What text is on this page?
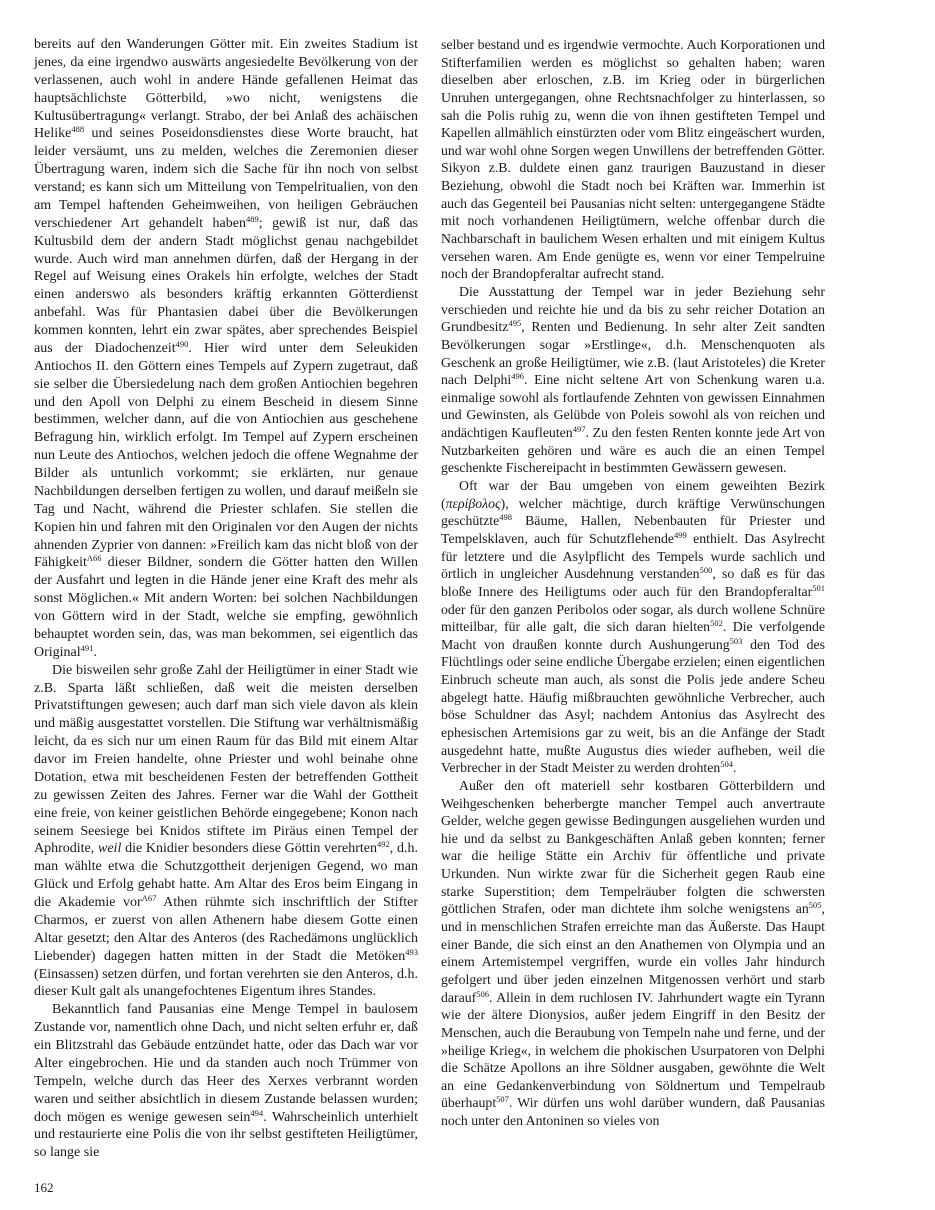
bereits auf den Wanderungen Götter mit. Ein zweites Stadium ist jenes, da eine irgendwo auswärts angesiedelte Bevölkerung von der verlassenen, auch wohl in andere Hände gefallenen Heimat das hauptsächlichste Götterbild, »wo nicht, wenigstens die Kultusübertragung« verlangt. Strabo, der bei Anlaß des achäischen Helike$^{488}$ und seines Poseidonsdienstes diese Worte braucht, hat leider versäumt, uns zu melden, welches die Zeremonien dieser Übertragung waren, indem sich die Sache für ihn noch von selbst verstand; es kann sich um Mitteilung von Tempelritualien, von den am Tempel haftenden Geheimweihen, von heiligen Gebräuchen verschiedener Art gehandelt haben$^{489}$; gewiß ist nur, daß das Kultusbild dem der andern Stadt möglichst genau nachgebildet wurde. Auch wird man annehmen dürfen, daß der Hergang in der Regel auf Weisung eines Orakels hin erfolgte, welches der Stadt einen anderswo als besonders kräftig erkannten Götterdienst anbefahl. Was für Phantasien dabei über die Bevölkerungen kommen konnten, lehrt ein zwar spätes, aber sprechendes Beispiel aus der Diadochenzeit$^{490}$. Hier wird unter dem Seleukiden Antiochos II. den Göttern eines Tempels auf Zypern zugetraut, daß sie selber die Übersiedelung nach dem großen Antiochien begehren und den Apoll von Delphi zu einem Bescheid in diesem Sinne bestimmen, welcher dann, auf die von Antiochien aus geschehene Befragung hin, wirklich erfolgt. Im Tempel auf Zypern erscheinen nun Leute des Antiochos, welchen jedoch die offene Wegnahme der Bilder als untunlich vorkommt; sie erklärten, nur genaue Nachbildungen derselben fertigen zu wollen, und darauf meißeln sie Tag und Nacht, während die Priester schlafen. Sie stellen die Kopien hin und fahren mit den Originalen vor den Augen der nichts ahnenden Zyprier von dannen: »Freilich kam das nicht bloß von der Fähigkeit$^{A66}$ dieser Bildner, sondern die Götter hatten den Willen der Ausfahrt und legten in die Hände jener eine Kraft des mehr als sonst Möglichen.« Mit andern Worten: bei solchen Nachbildungen von Göttern wird in der Stadt, welche sie empfing, gewöhnlich behauptet worden sein, das, was man bekommen, sei eigentlich das Original$^{491}$.

Die bisweilen sehr große Zahl der Heiligtümer in einer Stadt wie z.B. Sparta läßt schließen, daß weit die meisten derselben Privatstiftungen gewesen; auch darf man sich viele davon als klein und mäßig ausgestattet vorstellen. Die Stiftung war verhältnismäßig leicht, da es sich nur um einen Raum für das Bild mit einem Altar davor im Freien handelte, ohne Priester und wohl beinahe ohne Dotation, etwa mit bescheidenen Festen der betreffenden Gottheit zu gewissen Zeiten des Jahres. Ferner war die Wahl der Gottheit eine freie, von keiner geistlichen Behörde eingegebene; Konon nach seinem Seesiege bei Knidos stiftete im Piräus einen Tempel der Aphrodite, weil die Knidier besonders diese Göttin verehrten$^{492}$, d.h. man wählte etwa die Schutzgottheit derjenigen Gegend, wo man Glück und Erfolg gehabt hatte. Am Altar des Eros beim Eingang in die Akademie vor$^{A67}$ Athen rühmte sich inschriftlich der Stifter Charmos, er zuerst von allen Athenern habe diesem Gotte einen Altar gesetzt; den Altar des Anteros (des Rachedämons unglücklich Liebender) dagegen hatten mitten in der Stadt die Metöken$^{493}$ (Einsassen) setzen dürfen, und fortan verehrten sie den Anteros, d.h. dieser Kult galt als unangefochtenes Eigentum ihres Standes.

Bekanntlich fand Pausanias eine Menge Tempel in baulosem Zustande vor, namentlich ohne Dach, und nicht selten erfuhr er, daß ein Blitzstrahl das Gebäude entzündet hatte, oder das Dach war vor Alter eingebrochen. Hie und da standen auch noch Trümmer von Tempeln, welche durch das Heer des Xerxes verbrannt worden waren und seither absichtlich in diesem Zustande belassen wurden; doch mögen es wenige gewesen sein$^{494}$. Wahrscheinlich unterhielt und restaurierte eine Polis die von ihr selbst gestifteten Heiligtümer, so lange sie

selber bestand und es irgendwie vermochte. Auch Korporationen und Stifterfamilien werden es möglichst so gehalten haben; waren dieselben aber erloschen, z.B. im Krieg oder in bürgerlichen Unruhen untergegangen, ohne Rechtsnachfolger zu hinterlassen, so sah die Polis ruhig zu, wenn die von ihnen gestifteten Tempel und Kapellen allmählich einstürzten oder vom Blitz eingeäschert wurden, und war wohl ohne Sorgen wegen Unwillens der betreffenden Götter. Sikyon z.B. duldete einen ganz traurigen Bauzustand in dieser Beziehung, obwohl die Stadt noch bei Kräften war. Immerhin ist auch das Gegenteil bei Pausanias nicht selten: untergegangene Städte mit noch vorhandenen Heiligtümern, welche offenbar durch die Nachbarschaft in baulichem Wesen erhalten und mit einigem Kultus versehen waren. Am Ende genügte es, wenn vor einer Tempelruine noch der Brandopferaltar aufrecht stand.

Die Ausstattung der Tempel war in jeder Beziehung sehr verschieden und reichte hie und da bis zu sehr reicher Dotation an Grundbesitz$^{495}$, Renten und Bedienung. In sehr alter Zeit sandten Bevölkerungen sogar »Erstlinge«, d.h. Menschenquoten als Geschenk an große Heiligtümer, wie z.B. (laut Aristoteles) die Kreter nach Delphi$^{496}$. Eine nicht seltene Art von Schenkung waren u.a. einmalige sowohl als fortlaufende Zehnten von gewissen Einnahmen und Gewinsten, als Gelübde von Poleis sowohl als von reichen und andächtigen Kaufleuten$^{497}$. Zu den festen Renten konnte jede Art von Nutzbarkeiten gehören und wäre es auch die an einen Tempel geschenkte Fischereipacht in bestimmten Gewässern gewesen.

Oft war der Bau umgeben von einem geweihten Bezirk (περίβολος), welcher mächtige, durch kräftige Verwünschungen geschützte$^{498}$ Bäume, Hallen, Nebenbauten für Priester und Tempelsklaven, auch für Schutzflehende$^{499}$ enthielt. Das Asylrecht für letztere und die Asylpflicht des Tempels wurde sachlich und örtlich in ungleicher Ausdehnung verstanden$^{500}$, so daß es für das bloße Innere des Heiligtums oder auch für den Brandopferaltar$^{501}$ oder für den ganzen Peribolos oder sogar, als durch wollene Schnüre mitteilbar, für alle galt, die sich daran hielten$^{502}$. Die verfolgende Macht von draußen konnte durch Aushungerung$^{503}$ den Tod des Flüchtlings oder seine endliche Übergabe erzielen; einen eigentlichen Einbruch scheute man auch, als sonst die Polis jede andere Scheu abgelegt hatte. Häufig mißbrauchten gewöhnliche Verbrecher, auch böse Schuldner das Asyl; nachdem Antonius das Asylrecht des ephesischen Artemisions gar zu weit, bis an die Anfänge der Stadt ausgedehnt hatte, mußte Augustus dies wieder aufheben, weil die Verbrecher in der Stadt Meister zu werden drohten$^{504}$.

Außer den oft materiell sehr kostbaren Götterbildern und Weihgeschenken beherbergte mancher Tempel auch anvertraute Gelder, welche gegen gewisse Bedingungen ausgeliehen wurden und hie und da selbst zu Bankgeschäften Anlaß geben konnten; ferner war die heilige Stätte ein Archiv für öffentliche und private Urkunden. Nun wirkte zwar für die Sicherheit gegen Raub eine starke Superstition; dem Tempelräuber folgten die schwersten göttlichen Strafen, oder man dichtete ihm solche wenigstens $an^{505}$, und in menschlichen Strafen erreichte man das Äußerste. Das Haupt einer Bande, die sich einst an den Anathemen von Olympia und an einem Artemistempel vergriffen, wurde ein volles Jahr hindurch gefolgert und über jeden einzelnen Mitgenossen verhört und starb darauf$^{506}$. Allein in dem ruchlosen IV. Jahrhundert wagte ein Tyrann wie der ältere Dionysios, außer jedem Eingriff in den Besitz der Menschen, auch die Beraubung von Tempeln nahe und ferne, und der »heilige Krieg«, in welchem die phokischen Usurpatoren von Delphi die Schätze Apollons an ihre Söldner ausgaben, gewöhnte die Welt an eine Gedankenverbindung von Söldnertum und Tempelraub überhaupt$^{507}$. Wir dürfen uns wohl darüber wundern, daß Pausanias noch unter den Antoninen so vieles von

162
